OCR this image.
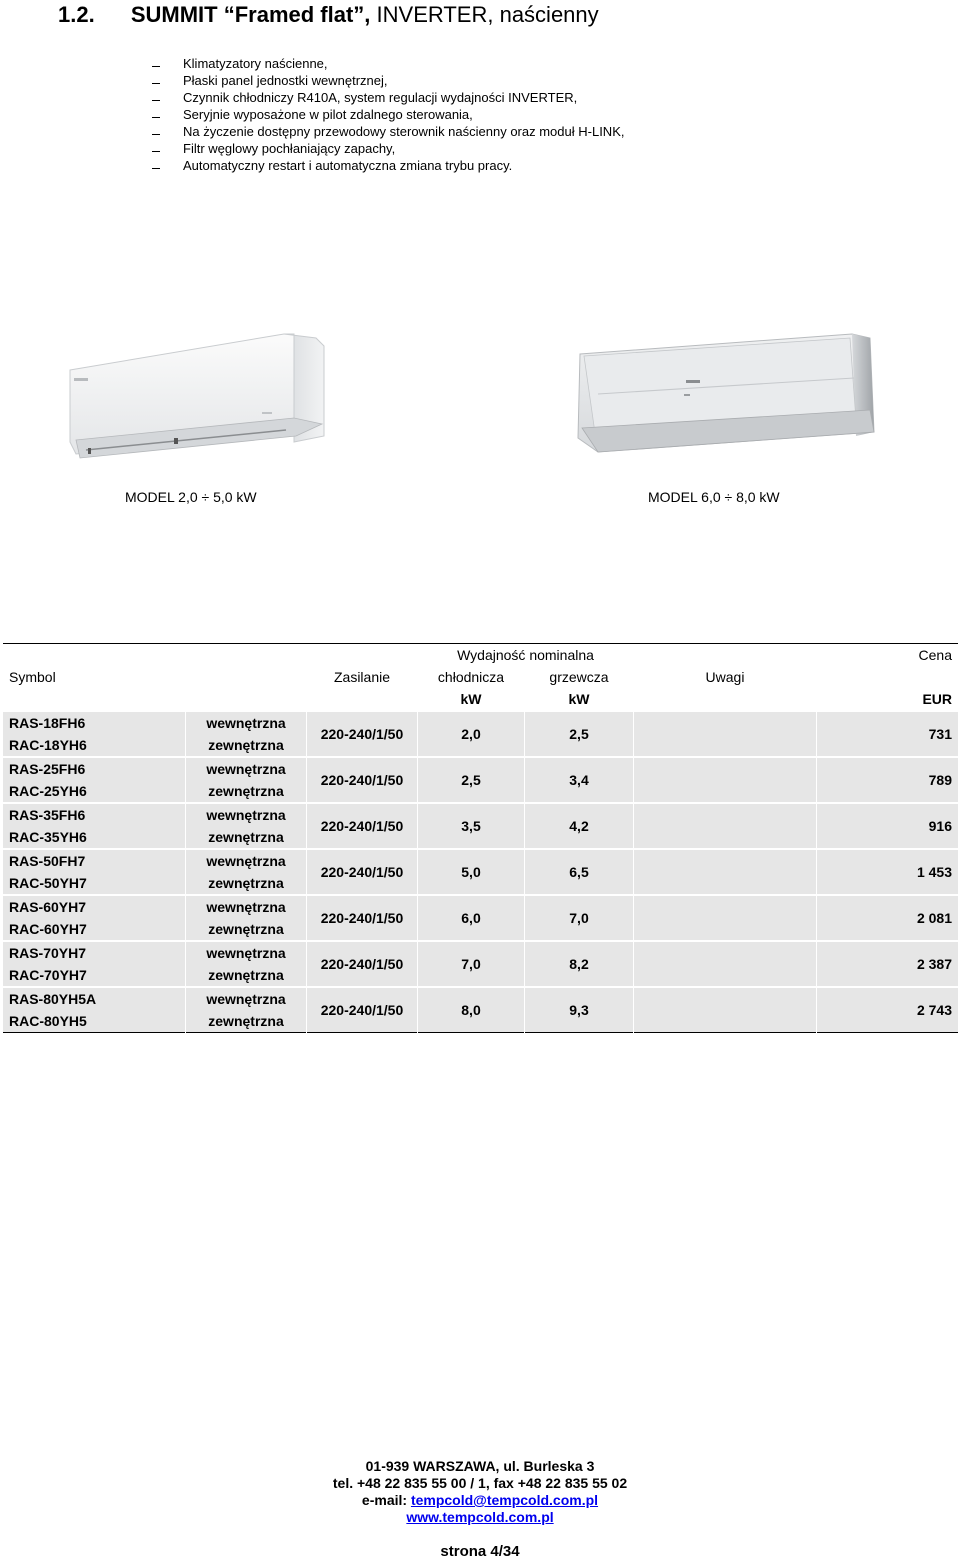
1.2. SUMMIT “Framed flat”, INVERTER, naścienny
Klimatyzatory naścienne,
Płaski panel jednostki wewnętrznej,
Czynnik chłodniczy R410A, system regulacji wydajności INVERTER,
Seryjnie wyposażone w pilot zdalnego sterowania,
Na życzenie dostępny przewodowy sterownik naścienny oraz moduł H-LINK,
Filtr węglowy pochłaniający zapachy,
Automatyczny restart i automatyczna zmiana trybu pracy.
MODEL 2,0 ÷ 5,0 kW	MODEL 6,0 ÷ 8,0 kW
			Wydajność nominalna			Cena
Symbol		Zasilanie	chłodnicza	grzewcza	Uwagi	
			kW	kW		EUR
RAS-18FH6	wewnętrzna	220-240/1/50	2,0	2,5		731
RAC-18YH6	zewnętrzna					
RAS-25FH6	wewnętrzna	220-240/1/50	2,5	3,4		789
RAC-25YH6	zewnętrzna					
RAS-35FH6	wewnętrzna	220-240/1/50	3,5	4,2		916
RAC-35YH6	zewnętrzna					
RAS-50FH7	wewnętrzna	220-240/1/50	5,0	6,5		1 453
RAC-50YH7	zewnętrzna					
RAS-60YH7	wewnętrzna	220-240/1/50	6,0	7,0		2 081
RAC-60YH7	zewnętrzna					
RAS-70YH7	wewnętrzna	220-240/1/50	7,0	8,2		2 387
RAC-70YH7	zewnętrzna					
RAS-80YH5A	wewnętrzna	220-240/1/50	8,0	9,3		2 743
RAC-80YH5	zewnętrzna					
01-939 WARSZAWA, ul. Burleska 3
tel. +48 22 835 55 00 / 1, fax +48 22 835 55 02
e-mail: tempcold@tempcold.com.pl
www.tempcold.com.pl
strona 4/34
